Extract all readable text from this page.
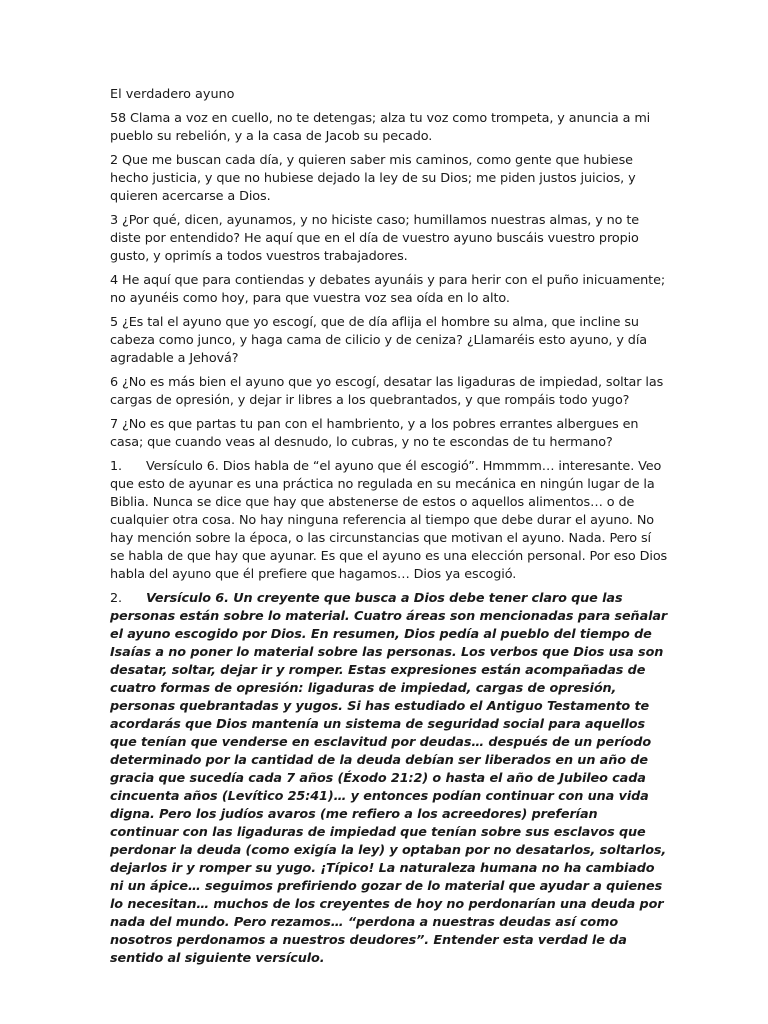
El verdadero ayuno

58 Clama a voz en cuello, no te detengas; alza tu voz como trompeta, y anuncia a mi pueblo su rebelión, y a la casa de Jacob su pecado.

2 Que me buscan cada día, y quieren saber mis caminos, como gente que hubiese hecho justicia, y que no hubiese dejado la ley de su Dios; me piden justos juicios, y quieren acercarse a Dios.

3 ¿Por qué, dicen, ayunamos, y no hiciste caso; humillamos nuestras almas, y no te diste por entendido? He aquí que en el día de vuestro ayuno buscáis vuestro propio gusto, y oprimís a todos vuestros trabajadores.

4 He aquí que para contiendas y debates ayunáis y para herir con el puño inicuamente; no ayunéis como hoy, para que vuestra voz sea oída en lo alto.

5 ¿Es tal el ayuno que yo escogí, que de día aflija el hombre su alma, que incline su cabeza como junco, y haga cama de cilicio y de ceniza? ¿Llamaréis esto ayuno, y día agradable a Jehová?

6 ¿No es más bien el ayuno que yo escogí, desatar las ligaduras de impiedad, soltar las cargas de opresión, y dejar ir libres a los quebrantados, y que rompáis todo yugo?

7 ¿No es que partas tu pan con el hambriento, y a los pobres errantes albergues en casa; que cuando veas al desnudo, lo cubras, y no te escondas de tu hermano?

1. Versículo 6. Dios habla de “el ayuno que él escogió”. Hmmmm… interesante. Veo que esto de ayunar es una práctica no regulada en su mecánica en ningún lugar de la Biblia. Nunca se dice que hay que abstenerse de estos o aquellos alimentos… o de cualquier otra cosa. No hay ninguna referencia al tiempo que debe durar el ayuno. No hay mención sobre la época, o las circunstancias que motivan el ayuno. Nada. Pero sí se habla de que hay que ayunar. Es que el ayuno es una elección personal. Por eso Dios habla del ayuno que él prefiere que hagamos… Dios ya escogió.

2. Versículo 6. Un creyente que busca a Dios debe tener claro que las personas están sobre lo material. Cuatro áreas son mencionadas para señalar el ayuno escogido por Dios. En resumen, Dios pedía al pueblo del tiempo de Isaías a no poner lo material sobre las personas. Los verbos que Dios usa son desatar, soltar, dejar ir y romper. Estas expresiones están acompañadas de cuatro formas de opresión: ligaduras de impiedad, cargas de opresión, personas quebrantadas y yugos. Si has estudiado el Antiguo Testamento te acordarás que Dios mantenía un sistema de seguridad social para aquellos que tenían que venderse en esclavitud por deudas… después de un período determinado por la cantidad de la deuda debían ser liberados en un año de gracia que sucedía cada 7 años (Éxodo 21:2) o hasta el año de Jubileo cada cincuenta años (Levítico 25:41)… y entonces podían continuar con una vida digna. Pero los judíos avaros (me refiero a los acreedores) preferían continuar con las ligaduras de impiedad que tenían sobre sus esclavos que perdonar la deuda (como exigía la ley) y optaban por no desatarlos, soltarlos, dejarlos ir y romper su yugo. ¡Típico! La naturaleza humana no ha cambiado ni un ápice… seguimos prefiriendo gozar de lo material que ayudar a quienes lo necesitan… muchos de los creyentes de hoy no perdonarían una deuda por nada del mundo. Pero rezamos… “perdona a nuestras deudas así como nosotros perdonamos a nuestros deudores”. Entender esta verdad le da sentido al siguiente versículo.
